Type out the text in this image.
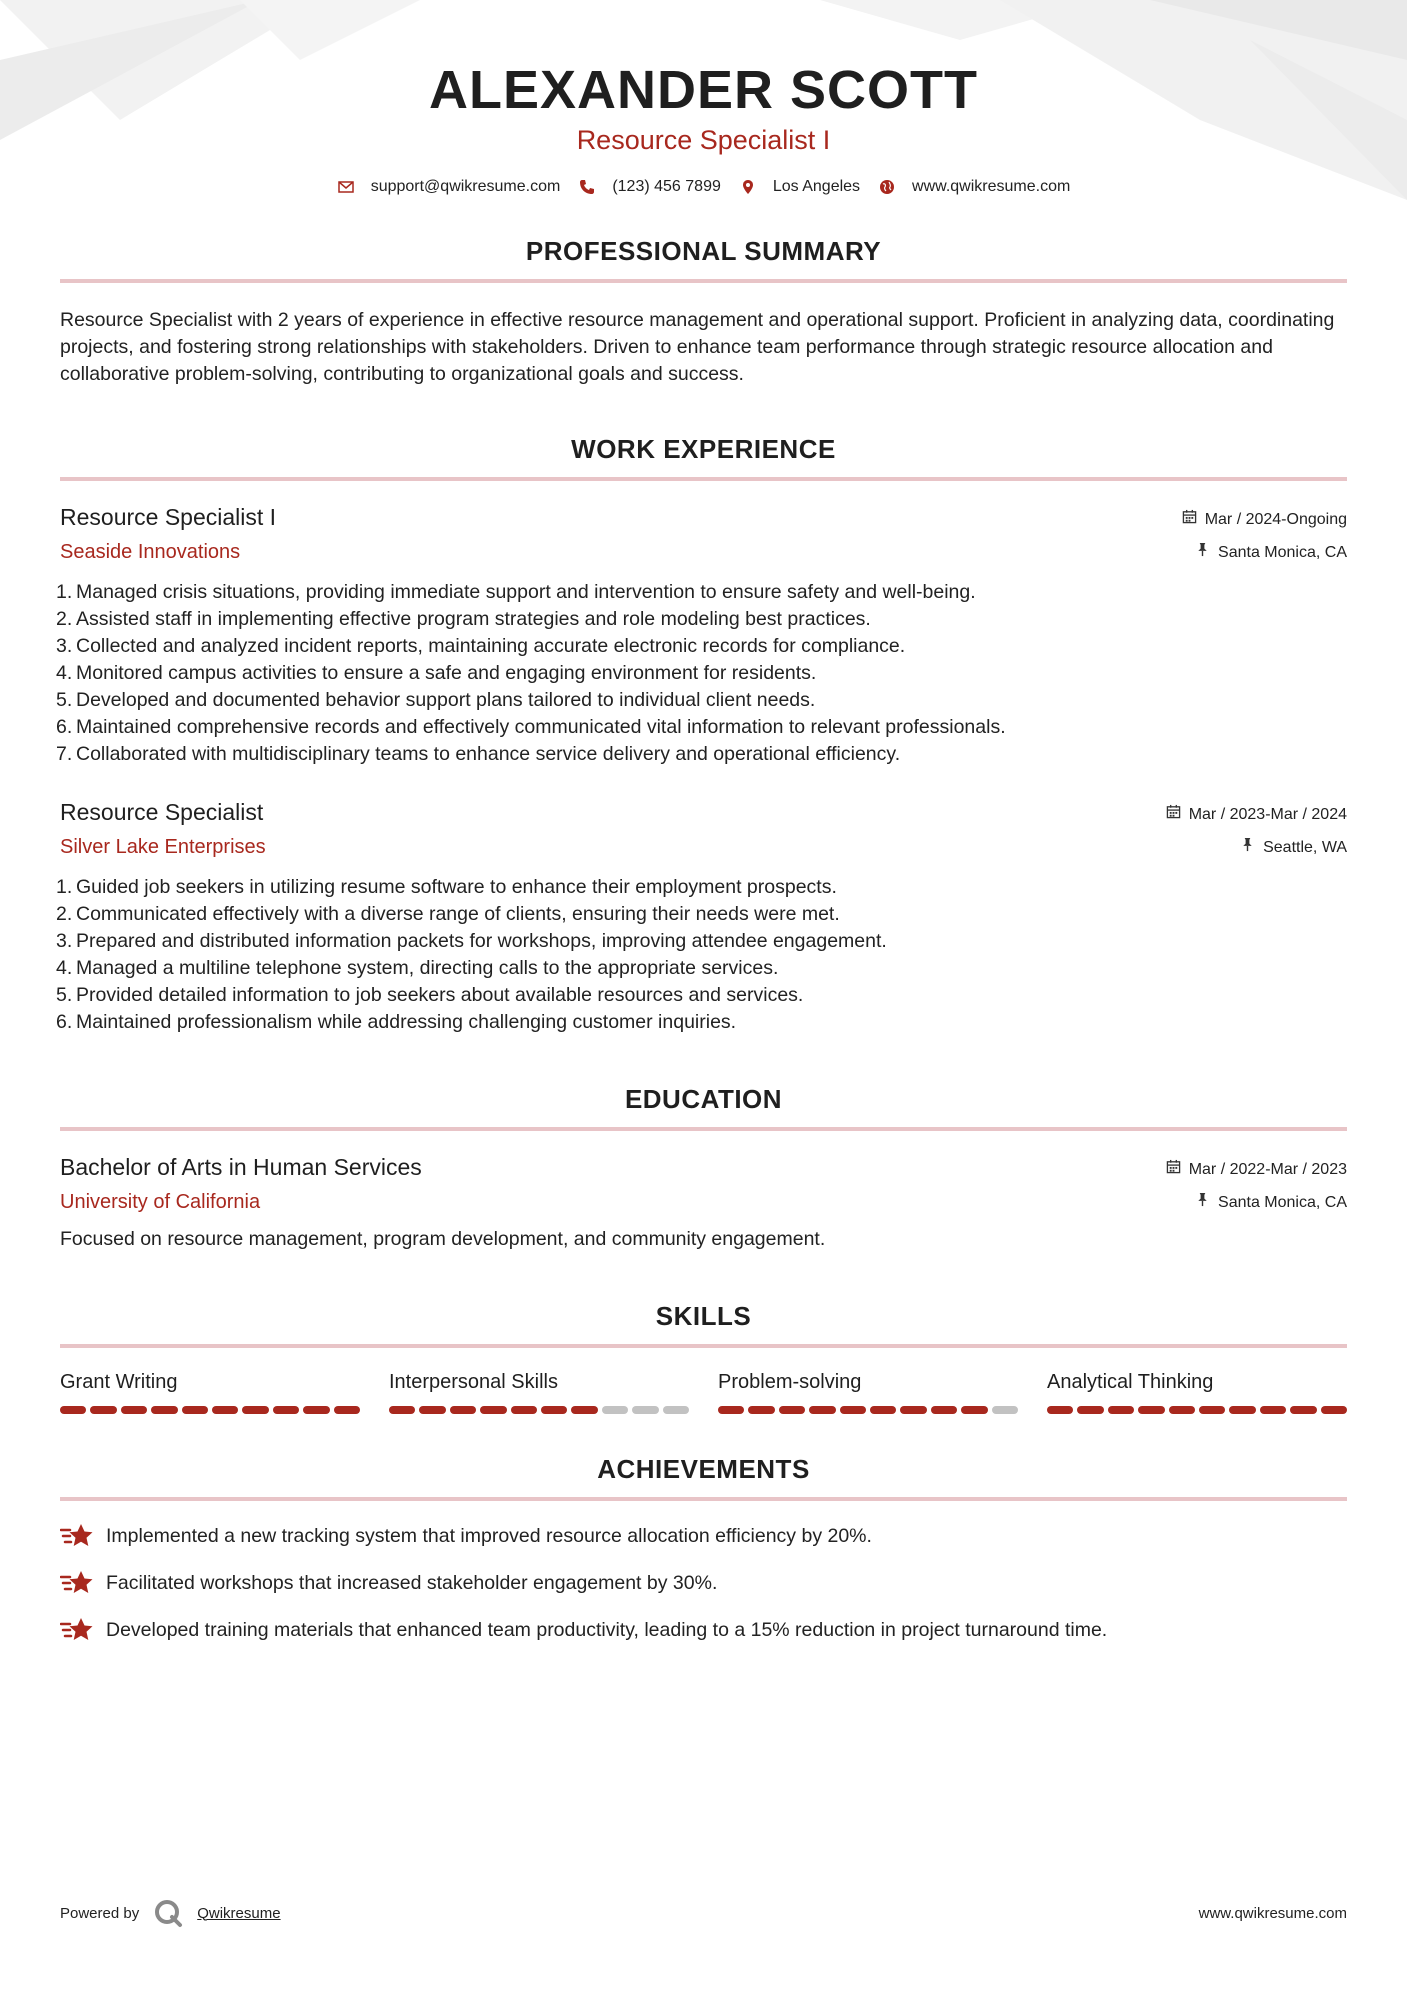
ALEXANDER SCOTT
Resource Specialist I
support@qwikresume.com	(123) 456 7899	Los Angeles	www.qwikresume.com
PROFESSIONAL SUMMARY

Resource Specialist with 2 years of experience in effective resource management and operational support. Proficient in analyzing data, coordinating projects, and fostering strong relationships with stakeholders. Driven to enhance team performance through strategic resource allocation and collaborative problem-solving, contributing to organizational goals and success.

WORK EXPERIENCE
Resource Specialist I
Seaside Innovations
Mar / 2024-Ongoing
Santa Monica, CA
1. Managed crisis situations, providing immediate support and intervention to ensure safety and well-being.
2. Assisted staff in implementing effective program strategies and role modeling best practices.
3. Collected and analyzed incident reports, maintaining accurate electronic records for compliance.
4. Monitored campus activities to ensure a safe and engaging environment for residents.
5. Developed and documented behavior support plans tailored to individual client needs.
6. Maintained comprehensive records and effectively communicated vital information to relevant professionals.
7. Collaborated with multidisciplinary teams to enhance service delivery and operational efficiency.
Resource Specialist
Silver Lake Enterprises
Mar / 2023-Mar / 2024
Seattle, WA
1. Guided job seekers in utilizing resume software to enhance their employment prospects.
2. Communicated effectively with a diverse range of clients, ensuring their needs were met.
3. Prepared and distributed information packets for workshops, improving attendee engagement.
4. Managed a multiline telephone system, directing calls to the appropriate services.
5. Provided detailed information to job seekers about available resources and services.
6. Maintained professionalism while addressing challenging customer inquiries.
EDUCATION
Bachelor of Arts in Human Services
University of California
Mar / 2022-Mar / 2023
Santa Monica, CA

Focused on resource management, program development, and community engagement.

SKILLS
Grant Writing	Interpersonal Skills	Problem-solving	Analytical Thinking
ACHIEVEMENTS
Implemented a new tracking system that improved resource allocation efficiency by 20%.
Facilitated workshops that increased stakeholder engagement by 30%.
Developed training materials that enhanced team productivity, leading to a 15% reduction in project turnaround time.
Powered by	Qwikresume	www.qwikresume.com
